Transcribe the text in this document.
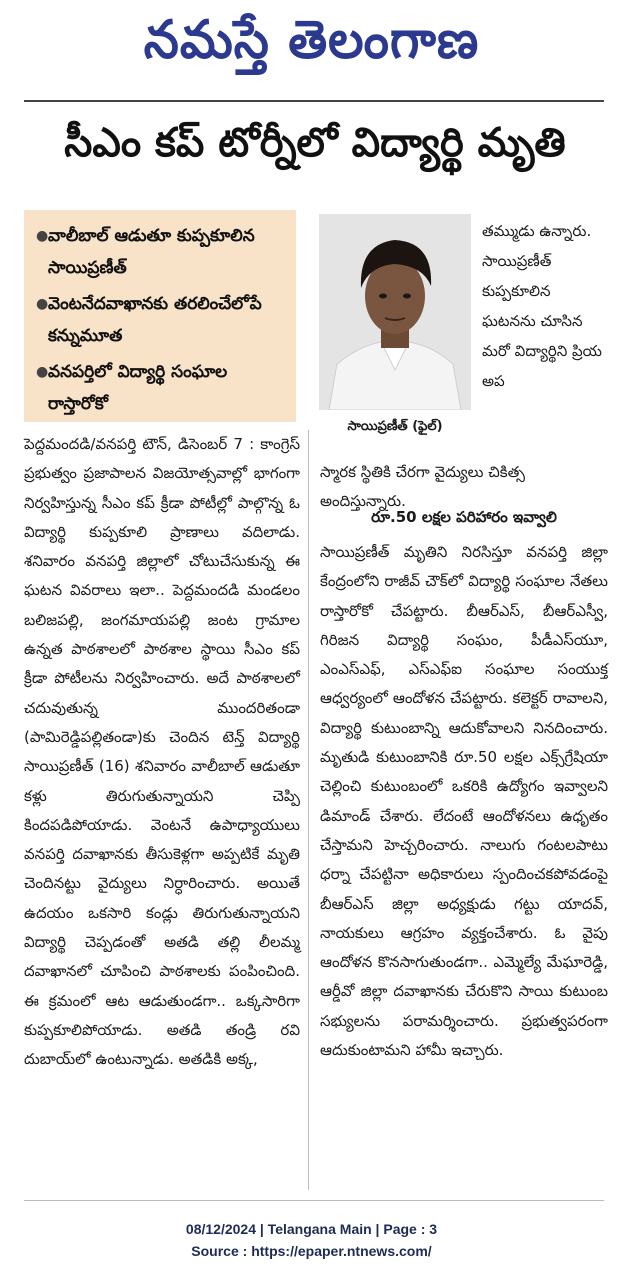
నమస్తే తెలంగాణ
సీఎం కప్ టోర్నీలో విద్యార్థి మృతి
● వాలీబాల్ ఆడుతూ కుప్పకూలిన సాయిప్రణీత్
● వెంటనేదవాఖానకు తరలించేలోపే కన్నుమూత
● వనపర్తిలో విద్యార్థి సంఘాల రాస్తారోకో
సాయిప్రణీత్ (ఫైల్)

తమ్ముడు ఉన్నారు. సాయిప్రణీత్ కుప్పకూలిన ఘటనను చూసిన మరో విద్యార్థిని ప్రియ అప

స్మారక స్థితికి చేరగా వైద్యులు చికిత్స అందిస్తున్నారు.

రూ.50 లక్షల పరిహారం ఇవ్వాలి

పెద్దమందడి/వనపర్తి టౌన్, డిసెంబర్ 7 : కాంగ్రెస్ ప్రభుత్వం ప్రజాపాలన విజయోత్సవాల్లో భాగంగా నిర్వహిస్తున్న సీఎం కప్ క్రీడా పోటీల్లో పాల్గొన్న ఓ విద్యార్థి కుప్పకూలి ప్రాణాలు వదిలాడు. శనివారం వనపర్తి జిల్లాలో చోటుచేసుకున్న ఈ ఘటన వివరాలు ఇలా.. పెద్దమందడి మండలం బలిజపల్లి, జంగమాయపల్లి జంట గ్రామాల ఉన్నత పాఠశాలలో పాఠశాల స్థాయి సీఎం కప్ క్రీడా పోటీలను నిర్వహించారు. అదే పాఠశాలలో చదువుతున్న ముందరితండా (పామిరెడ్డిపల్లితండా)కు చెందిన టెన్త్ విద్యార్థి సాయిప్రణీత్ (16) శనివారం వాలీబాల్ ఆడుతూ కళ్లు తిరుగుతున్నాయని చెప్పి కిందపడిపోయాడు. వెంటనే ఉపాధ్యాయులు వనపర్తి దవాఖానకు తీసుకెళ్లగా అప్పటికే మృతి చెందినట్టు వైద్యులు నిర్ధారించారు. అయితే ఉదయం ఒకసారి కండ్లు తిరుగుతున్నాయని విద్యార్థి చెప్పడంతో అతడి తల్లి లీలమ్మ దవాఖానలో చూపించి పాఠశాలకు పంపించింది. ఈ క్రమంలో ఆట ఆడుతుండగా.. ఒక్కసారిగా కుప్పకూలిపోయాడు. అతడి తండ్రి రవి దుబాయ్‌లో ఉంటున్నాడు. అతడికి అక్క,

సాయిప్రణీత్ మృతిని నిరసిస్తూ వనపర్తి జిల్లా కేంద్రంలోని రాజీవ్ చౌక్‌లో విద్యార్థి సంఘాల నేతలు రాస్తారోకో చేపట్టారు. బీఆర్ఎస్, బీఆర్ఎస్వీ, గిరిజన విద్యార్థి సంఘం, పీడీఎస్‌యూ, ఎంఎస్ఎఫ్, ఎస్ఎఫ్ఐ సంఘాల సంయుక్త ఆధ్వర్యంలో ఆందోళన చేపట్టారు. కలెక్టర్ రావాలని, విద్యార్థి కుటుంబాన్ని ఆదుకోవాలని నినదించారు. మృతుడి కుటుంబానికి రూ.50 లక్షల ఎక్స్‌గ్రేషియా చెల్లించి కుటుంబంలో ఒకరికి ఉద్యోగం ఇవ్వాలని డిమాండ్ చేశారు. లేదంటే ఆందోళనలు ఉధృతం చేస్తామని హెచ్చరించారు. నాలుగు గంటలపాటు ధర్నా చేపట్టినా అధికారులు స్పందించకపోవడంపై బీఆర్ఎస్ జిల్లా అధ్యక్షుడు గట్టు యాదవ్, నాయకులు ఆగ్రహం వ్యక్తంచేశారు. ఓ వైపు ఆందోళన కొనసాగుతుండగా.. ఎమ్మెల్యే మేఘారెడ్డి, ఆర్డీవో జిల్లా దవాఖానకు చేరుకొని సాయి కుటుంబ సభ్యులను పరామర్శించారు. ప్రభుత్వపరంగా ఆదుకుంటామని హామీ ఇచ్చారు.

08/12/2024 | Telangana Main | Page : 3
Source : https://epaper.ntnews.com/
